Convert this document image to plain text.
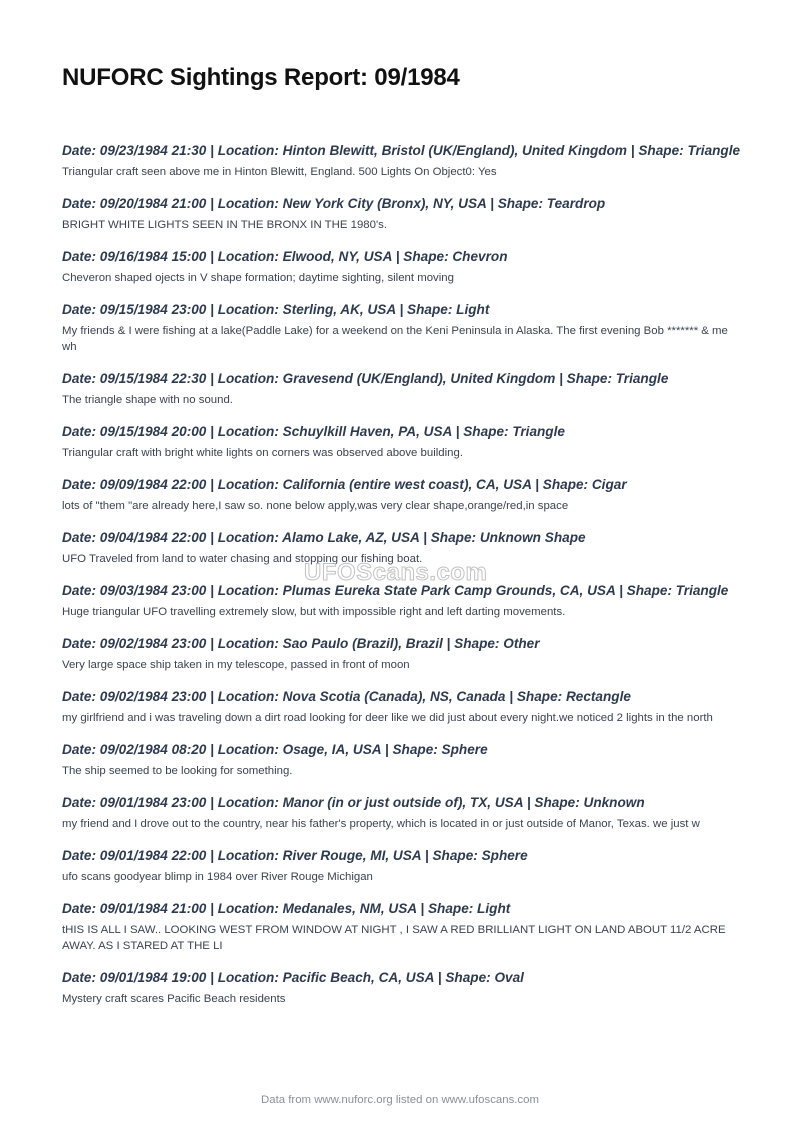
NUFORC Sightings Report: 09/1984

Date: 09/23/1984 21:30 | Location: Hinton Blewitt, Bristol (UK/England), United Kingdom | Shape: Triangle

Triangular craft seen above me in Hinton Blewitt, England. 500 Lights On Object0: Yes

Date: 09/20/1984 21:00 | Location: New York City (Bronx), NY, USA | Shape: Teardrop

BRIGHT WHITE LIGHTS SEEN IN THE BRONX IN THE 1980's.

Date: 09/16/1984 15:00 | Location: Elwood, NY, USA | Shape: Chevron

Cheveron shaped ojects in V shape formation; daytime sighting, silent moving

Date: 09/15/1984 23:00 | Location: Sterling, AK, USA | Shape: Light

My friends & I were fishing at a lake(Paddle Lake) for a weekend on the Keni Peninsula in Alaska. The first evening Bob ******* & me wh

Date: 09/15/1984 22:30 | Location: Gravesend (UK/England), United Kingdom | Shape: Triangle

The triangle shape with no sound.

Date: 09/15/1984 20:00 | Location: Schuylkill Haven, PA, USA | Shape: Triangle

Triangular craft with bright white lights on corners was observed above building.

Date: 09/09/1984 22:00 | Location: California (entire west coast), CA, USA | Shape: Cigar

lots of "them "are already here,I saw so. none below apply,was very clear shape,orange/red,in space

Date: 09/04/1984 22:00 | Location: Alamo Lake, AZ, USA | Shape: Unknown Shape

UFO Traveled from land to water chasing and stopping our fishing boat.

Date: 09/03/1984 23:00 | Location: Plumas Eureka State Park Camp Grounds, CA, USA | Shape: Triangle

Huge triangular UFO travelling extremely slow, but with impossible right and left darting movements.

Date: 09/02/1984 23:00 | Location: Sao Paulo (Brazil), Brazil | Shape: Other

Very large space ship taken in my telescope, passed in front of moon

Date: 09/02/1984 23:00 | Location: Nova Scotia (Canada), NS, Canada | Shape: Rectangle

my girlfriend and i was traveling down a dirt road looking for deer like we did just about every night.we noticed 2 lights in the north

Date: 09/02/1984 08:20 | Location: Osage, IA, USA | Shape: Sphere

The ship seemed to be looking for something.

Date: 09/01/1984 23:00 | Location: Manor (in or just outside of), TX, USA | Shape: Unknown

my friend and I drove out to the country, near his father's property, which is located in or just outside of Manor, Texas. we just w

Date: 09/01/1984 22:00 | Location: River Rouge, MI, USA | Shape: Sphere

ufo scans goodyear blimp in 1984 over River Rouge Michigan

Date: 09/01/1984 21:00 | Location: Medanales, NM, USA | Shape: Light

tHIS IS ALL I SAW.. LOOKING WEST FROM WINDOW AT NIGHT , I SAW A RED BRILLIANT LIGHT ON LAND ABOUT 11/2 ACRE AWAY. AS I STARED AT THE LI

Date: 09/01/1984 19:00 | Location: Pacific Beach, CA, USA | Shape: Oval

Mystery craft scares Pacific Beach residents

UFOScans.com
Data from www.nuforc.org listed on www.ufoscans.com
